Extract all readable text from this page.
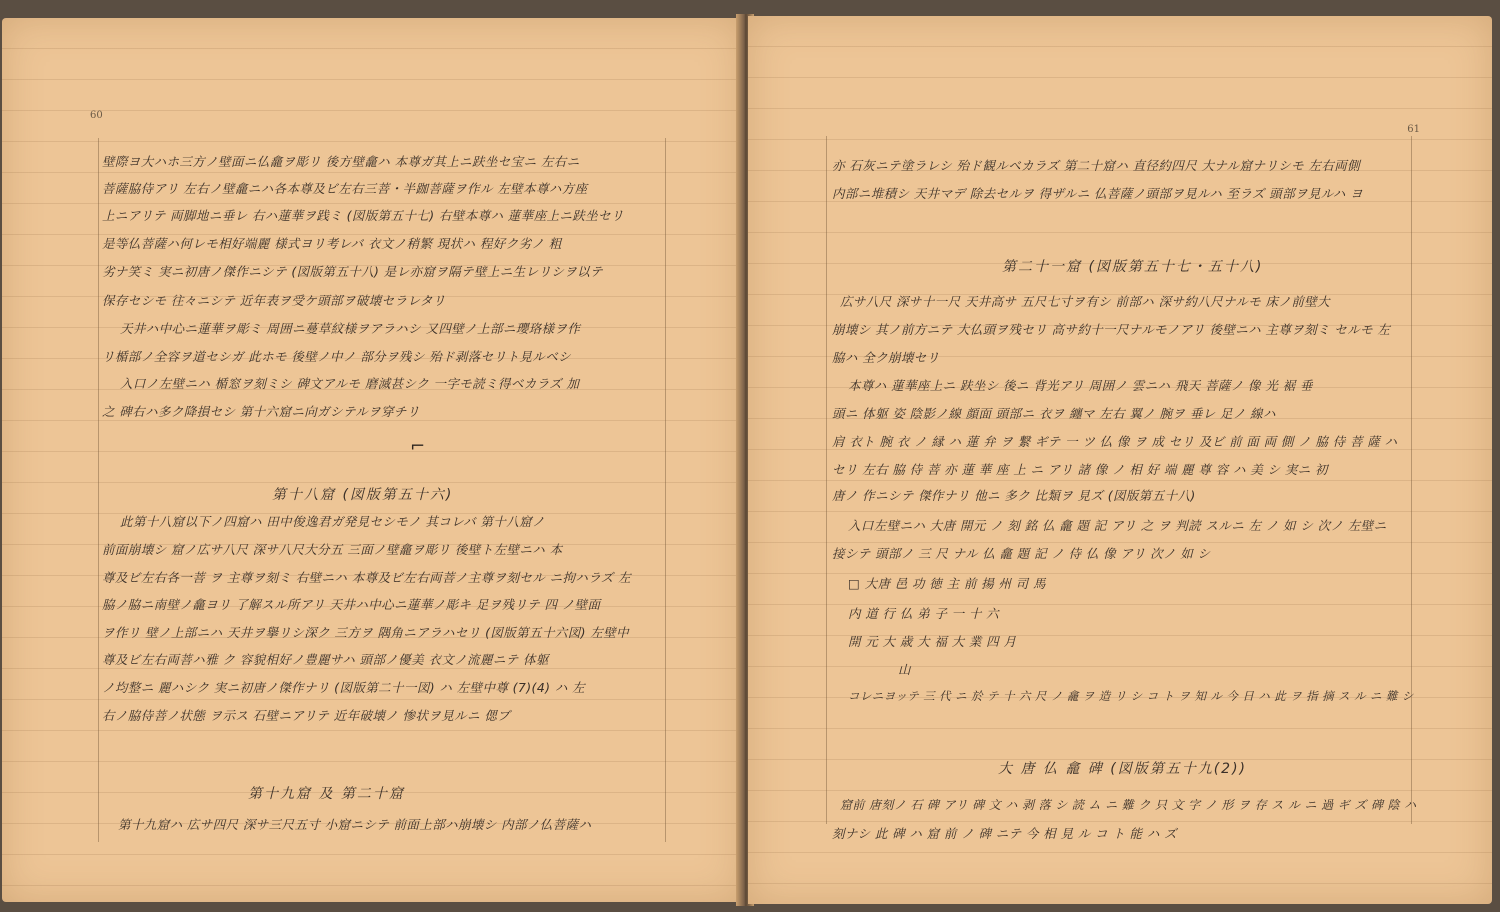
60
壁際ヨ大ハホ三方ノ壁面ニ仏龕ヲ彫リ 後方壁龕ハ 本尊ガ其上ニ趺坐セ宝ニ 左右ニ
菩薩脇侍アリ 左右ノ壁龕ニハ各本尊及ビ左右三菩・半跏菩薩ヲ作ル 左壁本尊ハ方座
上ニアリテ 両脚地ニ垂レ 右ハ蓮華ヲ践ミ (図版第五十七) 右壁本尊ハ 蓮華座上ニ趺坐セリ
是等仏菩薩ハ何レモ相好端麗 様式ヨリ考レバ 衣文ノ稍繁 現状ハ 程好ク劣ノ 粗
劣ナ笑ミ 実ニ初唐ノ傑作ニシテ (図版第五十八) 是レ亦窟ヲ隔テ壁上ニ生レリシヲ以テ
保存セシモ 往々ニシテ 近年表ヲ受ケ頭部ヲ破壊セラレタリ
天井ハ中心ニ蓮華ヲ彫ミ 周囲ニ蔓草紋様ヲアラハシ 又四壁ノ上部ニ瓔珞様ヲ作
リ楯部ノ全容ヲ道セシガ 此ホモ 後壁ノ中ノ 部分ヲ残シ 殆ド剥落セリト見ルベシ
入口ノ左壁ニハ 楯窓ヲ刻ミシ 碑文アルモ 磨滅甚シク 一字モ読ミ得ベカラズ 加
之 碑右ハ多ク降損セシ 第十六窟ニ向ガシテルヲ穿チリ
⌐
第十八窟 (図版第五十六)
此第十八窟以下ノ四窟ハ 田中俊逸君ガ発見セシモノ 其コレバ 第十八窟ノ
前面崩壊シ 窟ノ広サ八尺 深サ八尺大分五 三面ノ壁龕ヲ彫リ 後壁ト左壁ニハ 本
尊及ビ左右各一菩 ヲ 主尊ヲ刻ミ 右壁ニハ 本尊及ビ左右両菩ノ主尊ヲ刻セル ニ拘ハラズ 左
脇ノ脇ニ南壁ノ龕ヨリ 了解スル所アリ 天井ハ中心ニ蓮華ノ彫キ 足ヲ残リテ 四 ノ壁面
ヲ作リ 壁ノ上部ニハ 天井ヲ擧リシ深ク 三方ヲ 隅角ニアラハセリ (図版第五十六図) 左壁中
尊及ビ左右両菩ハ雅 ク 容貌相好ノ豊麗サハ 頭部ノ優美 衣文ノ流麗ニテ 体躯
ノ均整ニ 麗ハシク 実ニ初唐ノ傑作ナリ (図版第二十一図) ハ 左壁中尊 (7)(4) ハ 左
右ノ脇侍菩ノ状態 ヲ示ス 石壁ニアリテ 近年破壊ノ 惨状ヲ見ルニ 偲ブ
第十九窟 及 第二十窟
第十九窟ハ 広サ四尺 深サ三尺五寸 小窟ニシテ 前面上部ハ崩壊シ 内部ノ仏菩薩ハ
61
亦 石灰ニテ塗ラレシ 殆ド観ルベカラズ 第二十窟ハ 直径約四尺 大ナル窟ナリシモ 左右両側
内部ニ堆積シ 天井マデ 除去セルヲ 得ザルニ 仏菩薩ノ頭部ヲ見ルハ 至ラズ 頭部ヲ見ルハ ヨ
第二十一窟 (図版第五十七・五十八)
広サ八尺 深サ十一尺 天井高サ 五尺七寸ヲ有シ 前部ハ 深サ約八尺ナルモ 床ノ前壁大
崩壊シ 其ノ前方ニテ 大仏頭ヲ残セリ 高サ約十一尺ナルモノアリ 後壁ニハ 主尊ヲ刻ミ セルモ 左
脇ハ 全ク崩壊セリ
本尊ハ 蓮華座上ニ 趺坐シ 後ニ 背光アリ 周囲ノ 雲ニハ 飛天 菩薩ノ 像 光 裾 垂
頭ニ 体躯 姿 陰影ノ線 顔面 頭部ニ 衣ヲ 纏マ 左右 翼ノ 腕ヲ 垂レ 足ノ 線ハ
肩 衣ト 腕 衣 ノ 縁 ハ 蓮 弁 ヲ 繋 ギテ 一 ツ 仏 像 ヲ 成 セリ 及ビ 前 面 両 側 ノ 脇 侍 菩 薩 ハ
セリ 左右 脇 侍 菩 亦 蓮 華 座 上 ニ アリ 諸 像 ノ 相 好 端 麗 尊 容 ハ 美 シ 実ニ 初
唐ノ 作ニシテ 傑作ナリ 他ニ 多ク 比類ヲ 見ズ (図版第五十八)
入口左壁ニハ 大唐 開元 ノ 刻 銘 仏 龕 題 記 アリ 之 ヲ 判読 スルニ 左 ノ 如 シ 次ノ 左壁ニ
接シテ 頭部ノ 三 尺 ナル 仏 龕 題 記 ノ 侍 仏 像 アリ 次ノ 如 シ
□ 大唐 邑 功 徳 主 前 揚 州 司 馬
内 道 行 仏 弟 子 一 十 六
開 元 大 歳 大 福 大 業 四 月
山
コレニヨッテ 三 代 ニ 於 テ 十 六 尺 ノ 龕 ヲ 造 リ シ コ ト ヲ 知 ル 今 日 ハ 此 ヲ 指 摘 ス ル ニ 難 シ
大 唐 仏 龕 碑 (図版第五十九(2))
窟前 唐刻ノ 石 碑 アリ 碑 文 ハ 剥 落 シ 読 ム ニ 難 ク 只 文 字 ノ 形 ヲ 存 ス ル ニ 過 ギ ズ 碑 陰 ハ
刻ナシ 此 碑 ハ 窟 前 ノ 碑 ニテ 今 相 見 ル コ ト 能 ハ ズ
